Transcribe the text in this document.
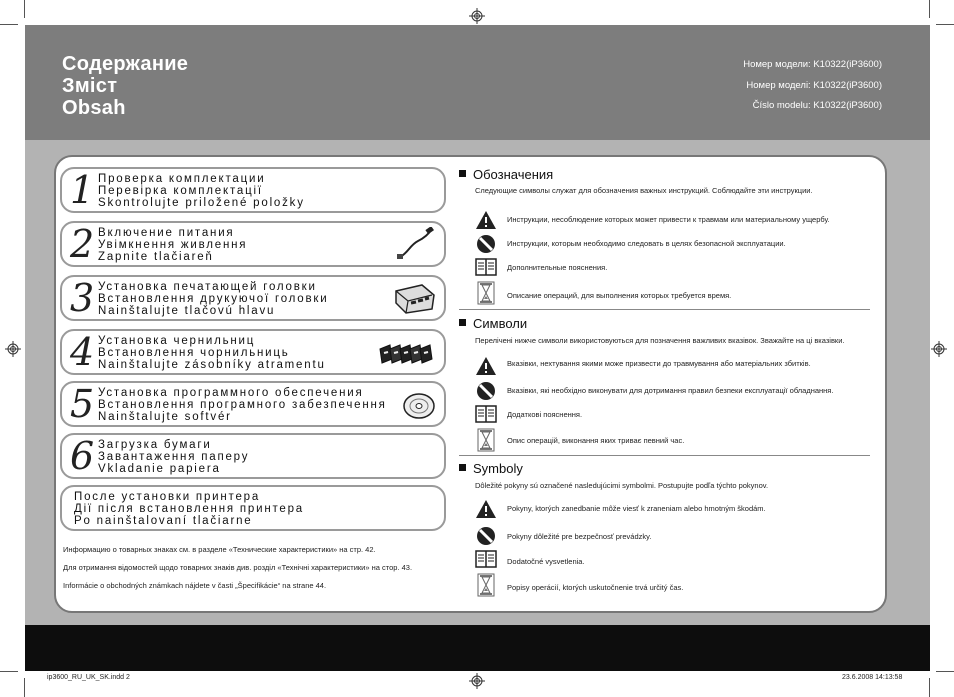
Содержание
Зміст
Obsah
Номер модели: K10322(iP3600)
Номер моделі: K10322(iP3600)
Číslo modelu: K10322(iP3600)
1 Проверка комплектации
Перевірка комплектації
Skontrolujte priložené položky
2 Включение питания
Увімкнення живлення
Zapnite tlačiareň
3 Установка печатающей головки
Встановлення друкуючої головки
Nainštalujte tlačovú hlavu
4 Установка чернильниц
Встановлення чорнильниць
Nainštalujte zásobníky atramentu
5 Установка программного обеспечения
Встановлення програмного забезпечення
Nainštalujte softvér
6 Загрузка бумаги
Завантаження паперу
Vkladanie papiera
После установки принтера
Дії після встановлення принтера
Po nainštalovaní tlačiarne
Информацию о товарных знаках см. в разделе «Технические характеристики» на стр. 42.
Для отримання відомостей щодо товарних знаків див. розділ «Технічні характеристики» на стор. 43.
Informácie o obchodných známkach nájdete v časti „Špecifikácie“ na strane 44.
Обозначения
Следующие символы служат для обозначения важных инструкций. Соблюдайте эти инструкции.
Инструкции, несоблюдение которых может привести к травмам или материальному ущербу.
Инструкции, которым необходимо следовать в целях безопасной эксплуатации.
Дополнительные пояснения.
Описание операций, для выполнения которых требуется время.
Символи
Перелічені нижче символи використовуються для позначення важливих вказівок. Зважайте на ці вказівки.
Вказівки, нехтування якими може призвести до травмування або матеріальних збитків.
Вказівки, які необхідно виконувати для дотримання правил безпеки експлуатації обладнання.
Додаткові пояснення.
Опис операцій, виконання яких триває певний час.
Symboly
Dôležité pokyny sú označené nasledujúcimi symbolmi. Postupujte podľa týchto pokynov.
Pokyny, ktorých zanedbanie môže viesť k zraneniam alebo hmotným škodám.
Pokyny dôležité pre bezpečnosť prevádzky.
Dodatočné vysvetlenia.
Popisy operácií, ktorých uskutočnenie trvá určitý čas.
ip3600_RU_UK_SK.indd 2	23.6.2008 14:13:58
